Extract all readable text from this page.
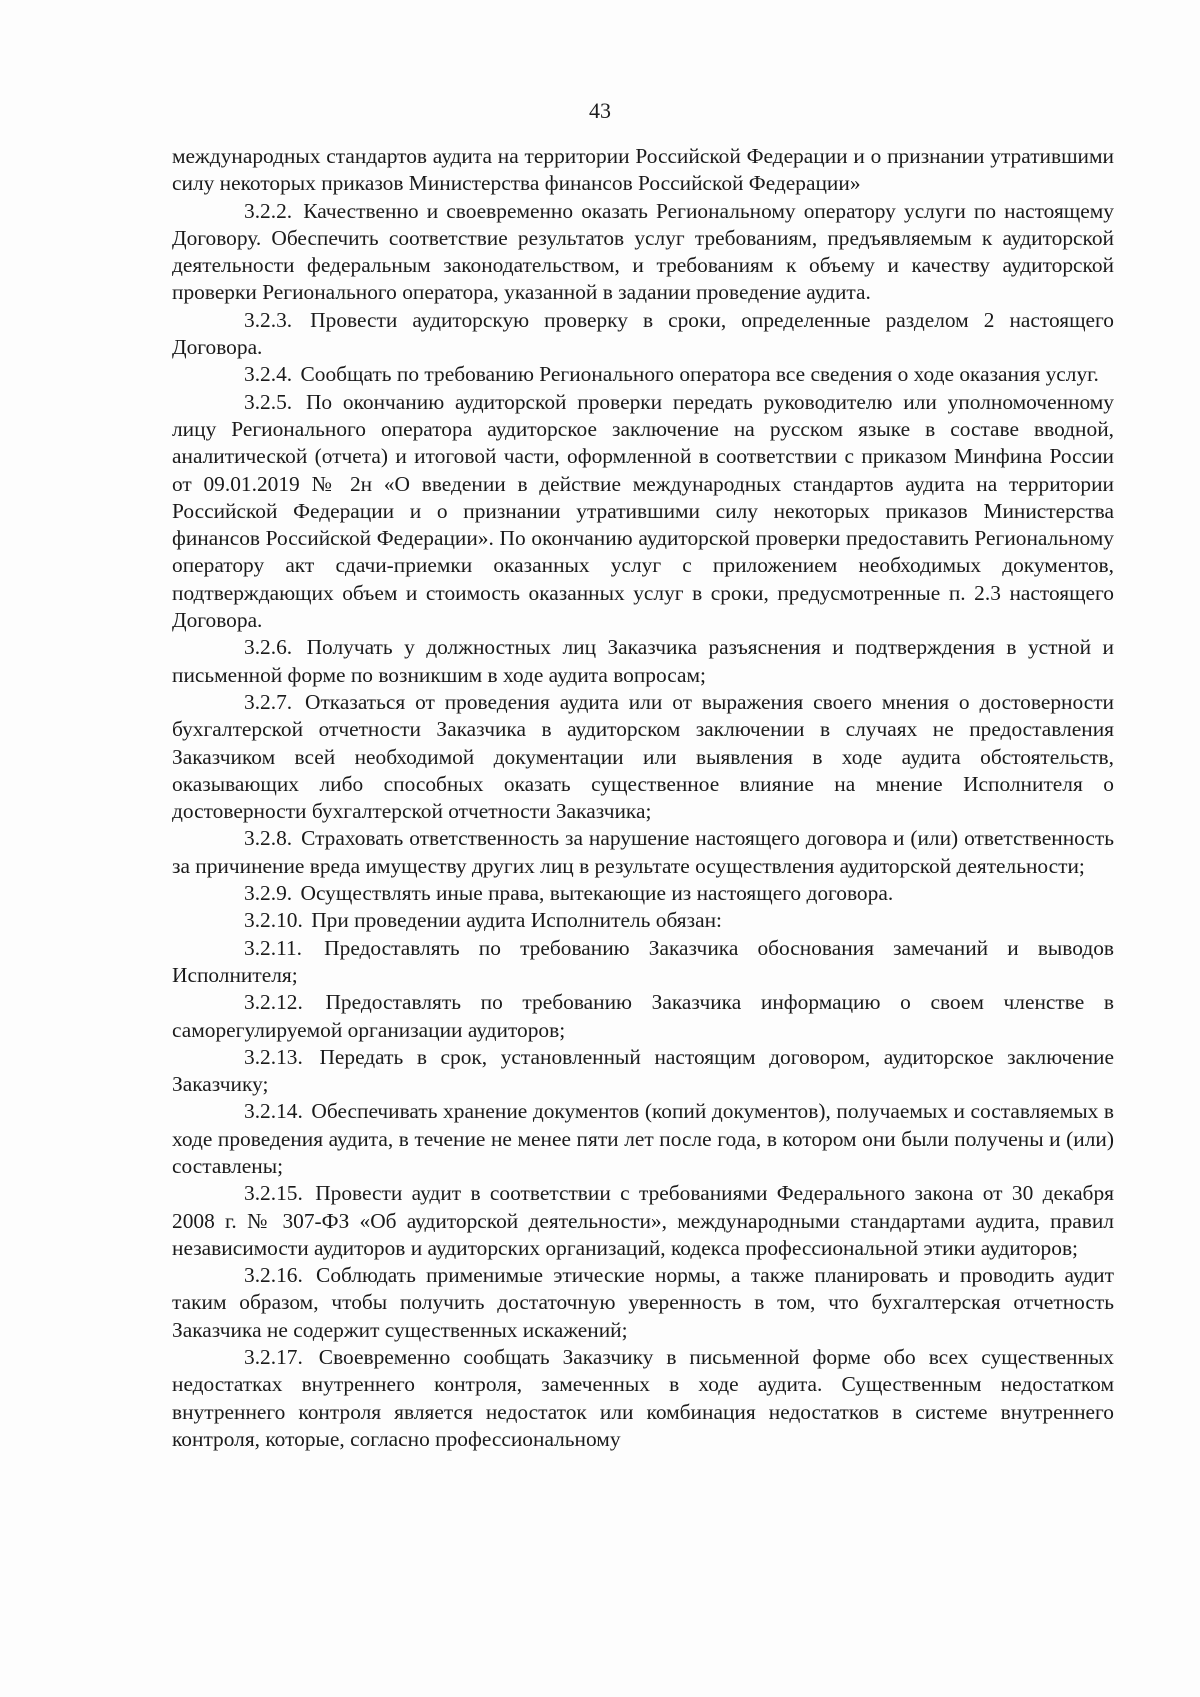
43

международных стандартов аудита на территории Российской Федерации и о признании утратившими силу некоторых приказов Министерства финансов Российской Федерации»

3.2.2. Качественно и своевременно оказать Региональному оператору услуги по настоящему Договору. Обеспечить соответствие результатов услуг требованиям, предъявляемым к аудиторской деятельности федеральным законодательством, и требованиям к объему и качеству аудиторской проверки Регионального оператора, указанной в задании проведение аудита.

3.2.3. Провести аудиторскую проверку в сроки, определенные разделом 2 настоящего Договора.

3.2.4. Сообщать по требованию Регионального оператора все сведения о ходе оказания услуг.

3.2.5. По окончанию аудиторской проверки передать руководителю или уполномоченному лицу Регионального оператора аудиторское заключение на русском языке в составе вводной, аналитической (отчета) и итоговой части, оформленной в соответствии с приказом Минфина России от 09.01.2019 № 2н «О введении в действие международных стандартов аудита на территории Российской Федерации и о признании утратившими силу некоторых приказов Министерства финансов Российской Федерации». По окончанию аудиторской проверки предоставить Региональному оператору акт сдачи-приемки оказанных услуг с приложением необходимых документов, подтверждающих объем и стоимость оказанных услуг в сроки, предусмотренные п. 2.3 настоящего Договора.

3.2.6. Получать у должностных лиц Заказчика разъяснения и подтверждения в устной и письменной форме по возникшим в ходе аудита вопросам;

3.2.7. Отказаться от проведения аудита или от выражения своего мнения о достоверности бухгалтерской отчетности Заказчика в аудиторском заключении в случаях не предоставления Заказчиком всей необходимой документации или выявления в ходе аудита обстоятельств, оказывающих либо способных оказать существенное влияние на мнение Исполнителя о достоверности бухгалтерской отчетности Заказчика;

3.2.8. Страховать ответственность за нарушение настоящего договора и (или) ответственность за причинение вреда имуществу других лиц в результате осуществления аудиторской деятельности;

3.2.9. Осуществлять иные права, вытекающие из настоящего договора.

3.2.10. При проведении аудита Исполнитель обязан:

3.2.11. Предоставлять по требованию Заказчика обоснования замечаний и выводов Исполнителя;

3.2.12. Предоставлять по требованию Заказчика информацию о своем членстве в саморегулируемой организации аудиторов;

3.2.13. Передать в срок, установленный настоящим договором, аудиторское заключение Заказчику;

3.2.14. Обеспечивать хранение документов (копий документов), получаемых и составляемых в ходе проведения аудита, в течение не менее пяти лет после года, в котором они были получены и (или) составлены;

3.2.15. Провести аудит в соответствии с требованиями Федерального закона от 30 декабря 2008 г. № 307-ФЗ «Об аудиторской деятельности», международными стандартами аудита, правил независимости аудиторов и аудиторских организаций, кодекса профессиональной этики аудиторов;

3.2.16. Соблюдать применимые этические нормы, а также планировать и проводить аудит таким образом, чтобы получить достаточную уверенность в том, что бухгалтерская отчетность Заказчика не содержит существенных искажений;

3.2.17. Своевременно сообщать Заказчику в письменной форме обо всех существенных недостатках внутреннего контроля, замеченных в ходе аудита. Существенным недостатком внутреннего контроля является недостаток или комбинация недостатков в системе внутреннего контроля, которые, согласно профессиональному
